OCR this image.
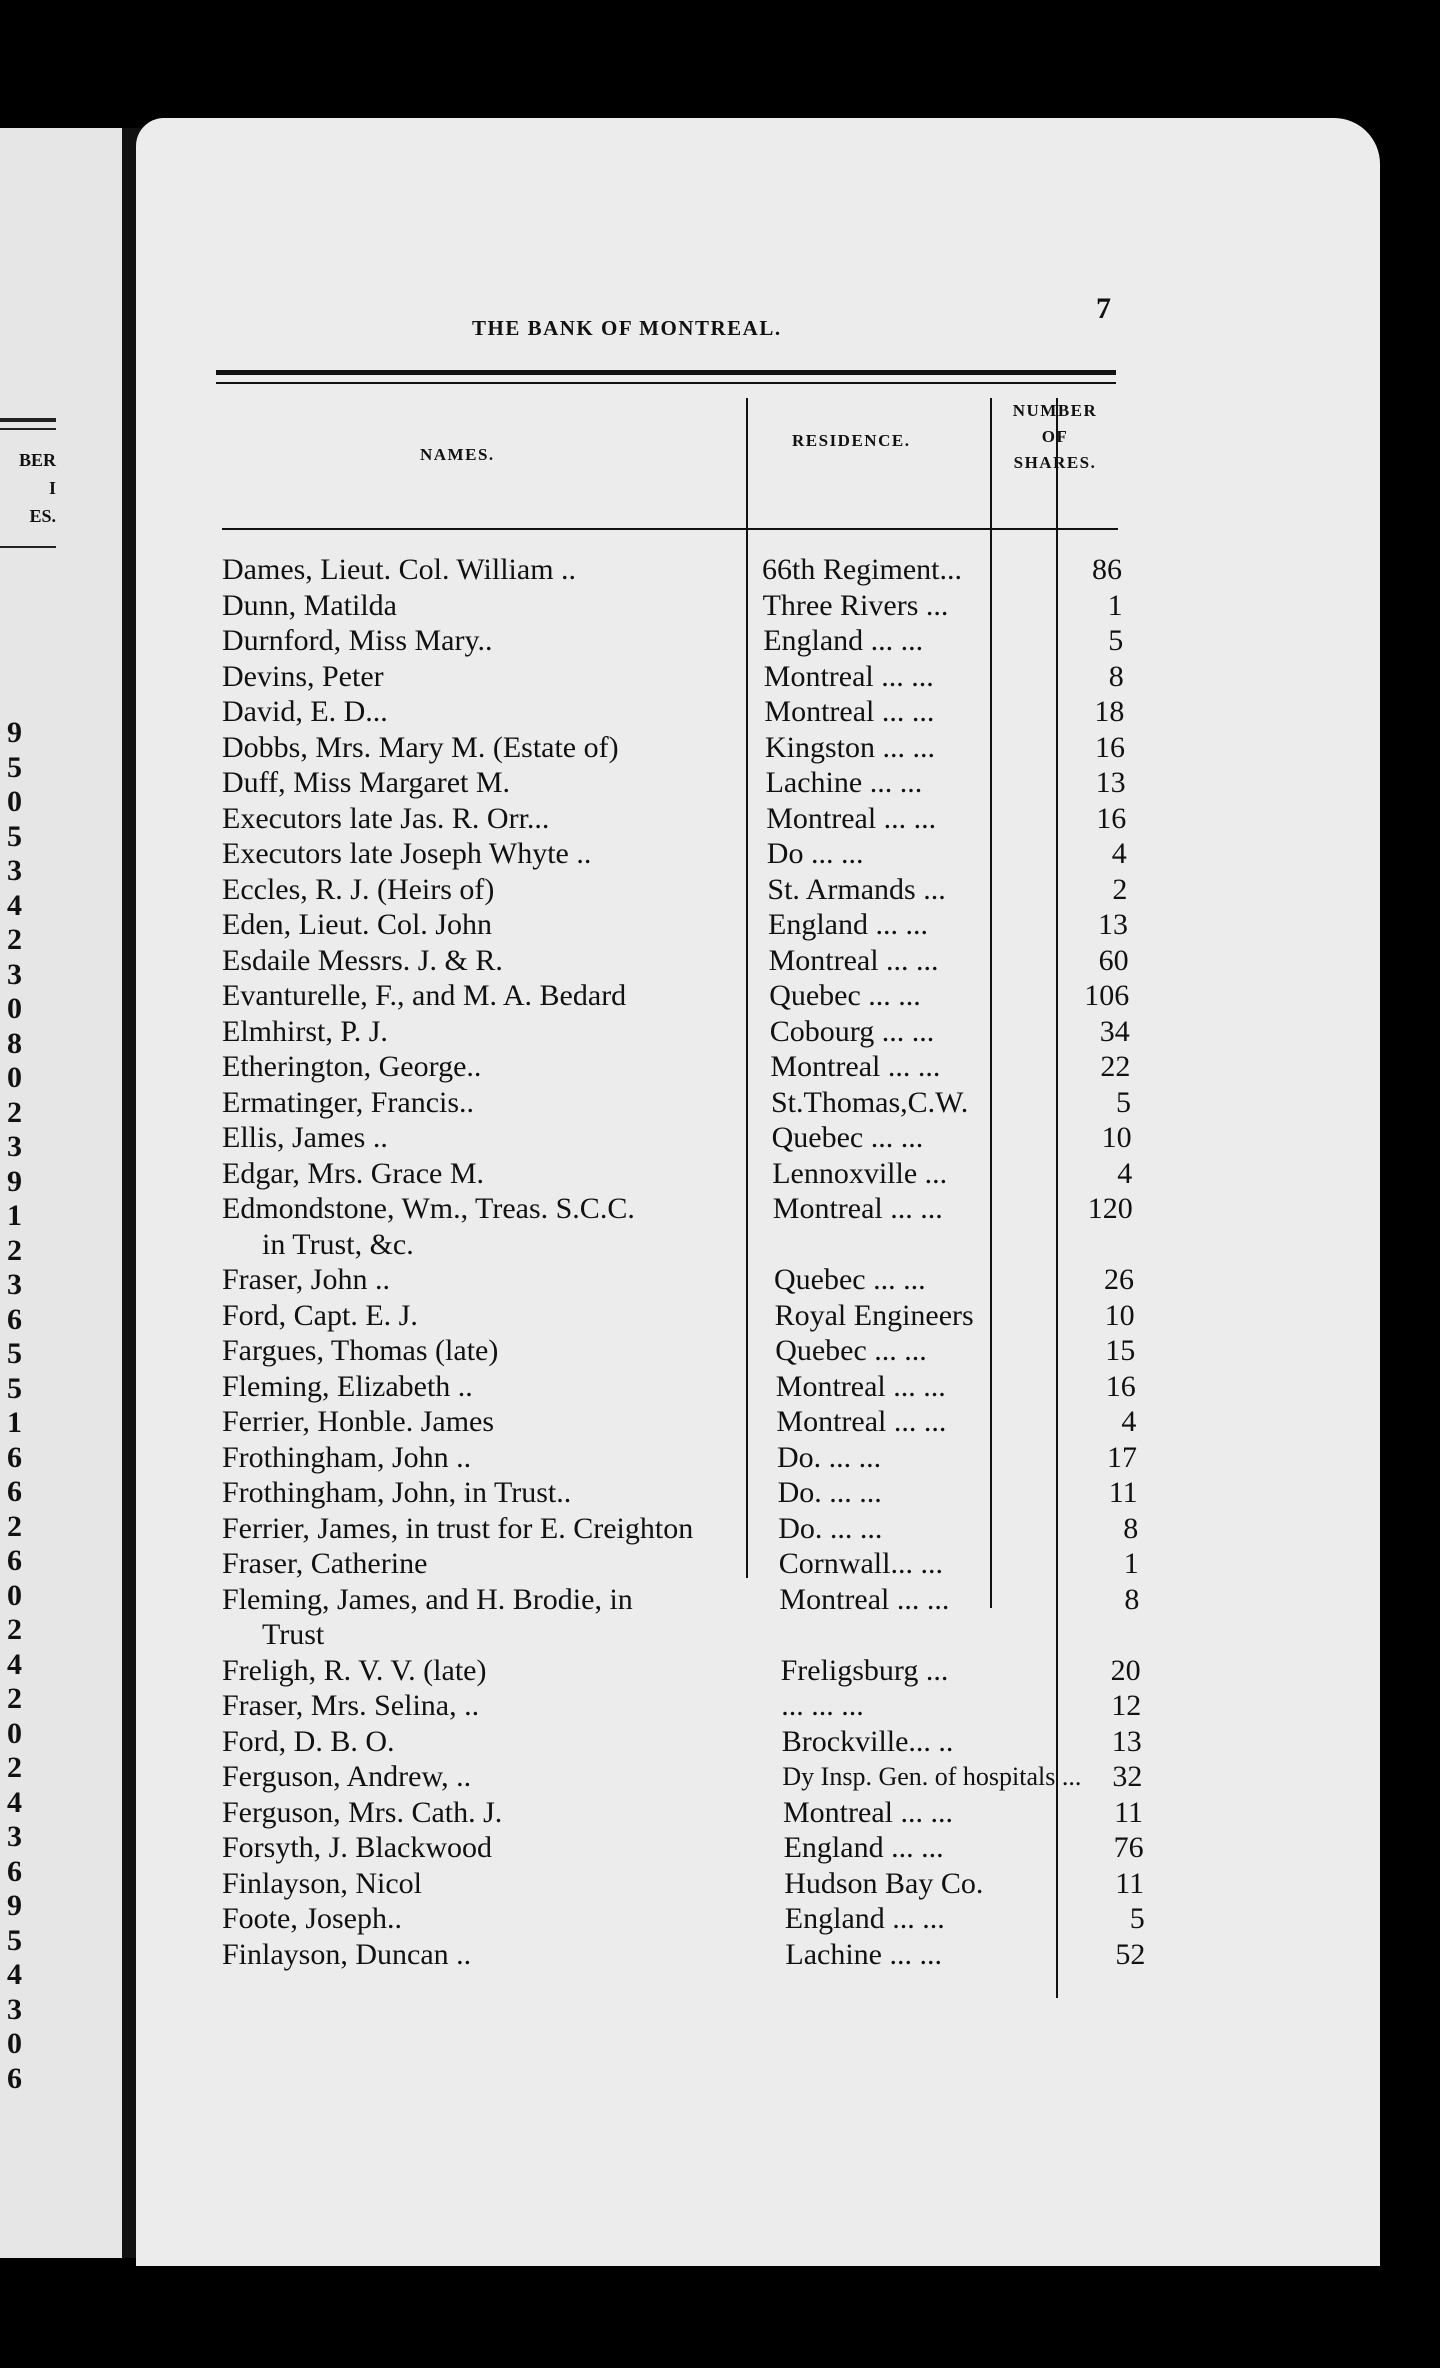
BER
I
ES.
9
5
0
5
3
4
2
3
0
8
0
2
3
9
1
2
3
6
5
5
1
6
6
2
6
0
2
4
2
0
2
4
3
6
9
5
4
3
0
6
THE BANK OF MONTREAL.
7
NAMES.
RESIDENCE.
NUMBER
OF
SHARES.
Dames, Lieut. Col. William ..	66th Regiment...	86
Dunn, Matilda	Three Rivers ...	1
Durnford, Miss Mary..	England ... ...	5
Devins, Peter	Montreal ... ...	8
David, E. D...	Montreal ... ...	18
Dobbs, Mrs. Mary M. (Estate of)	Kingston ... ...	16
Duff, Miss Margaret M.	Lachine ... ...	13
Executors late Jas. R. Orr...	Montreal ... ...	16
Executors late Joseph Whyte ..	Do ... ...	4
Eccles, R. J. (Heirs of)	St. Armands ...	2
Eden, Lieut. Col. John	England ... ...	13
Esdaile Messrs. J. & R.	Montreal ... ...	60
Evanturelle, F., and M. A. Bedard	Quebec ... ...	106
Elmhirst, P. J.	Cobourg ... ...	34
Etherington, George..	Montreal ... ...	22
Ermatinger, Francis..	St.Thomas,C.W.	5
Ellis, James ..	Quebec ... ...	10
Edgar, Mrs. Grace M.	Lennoxville ...	4
Edmondstone, Wm., Treas. S.C.C.	Montreal ... ...	120
in Trust, &c.
Fraser, John ..	Quebec ... ...	26
Ford, Capt. E. J.	Royal Engineers	10
Fargues, Thomas (late)	Quebec ... ...	15
Fleming, Elizabeth ..	Montreal ... ...	16
Ferrier, Honble. James	Montreal ... ...	4
Frothingham, John ..	Do. ... ...	17
Frothingham, John, in Trust..	Do. ... ...	11
Ferrier, James, in trust for E. Creighton	Do. ... ...	8
Fraser, Catherine	Cornwall... ...	1
Fleming, James, and H. Brodie, in	Montreal ... ...	8
Trust
Freligh, R. V. V. (late)	Freligsburg ...	20
Fraser, Mrs. Selina, ..	... ... ...	12
Ford, D. B. O.	Brockville... ..	13
Ferguson, Andrew, ..	Dy Insp. Gen. of hospitals ...	32
Ferguson, Mrs. Cath. J.	Montreal ... ...	11
Forsyth, J. Blackwood	England ... ...	76
Finlayson, Nicol	Hudson Bay Co.	11
Foote, Joseph..	England ... ...	5
Finlayson, Duncan ..	Lachine ... ...	52
